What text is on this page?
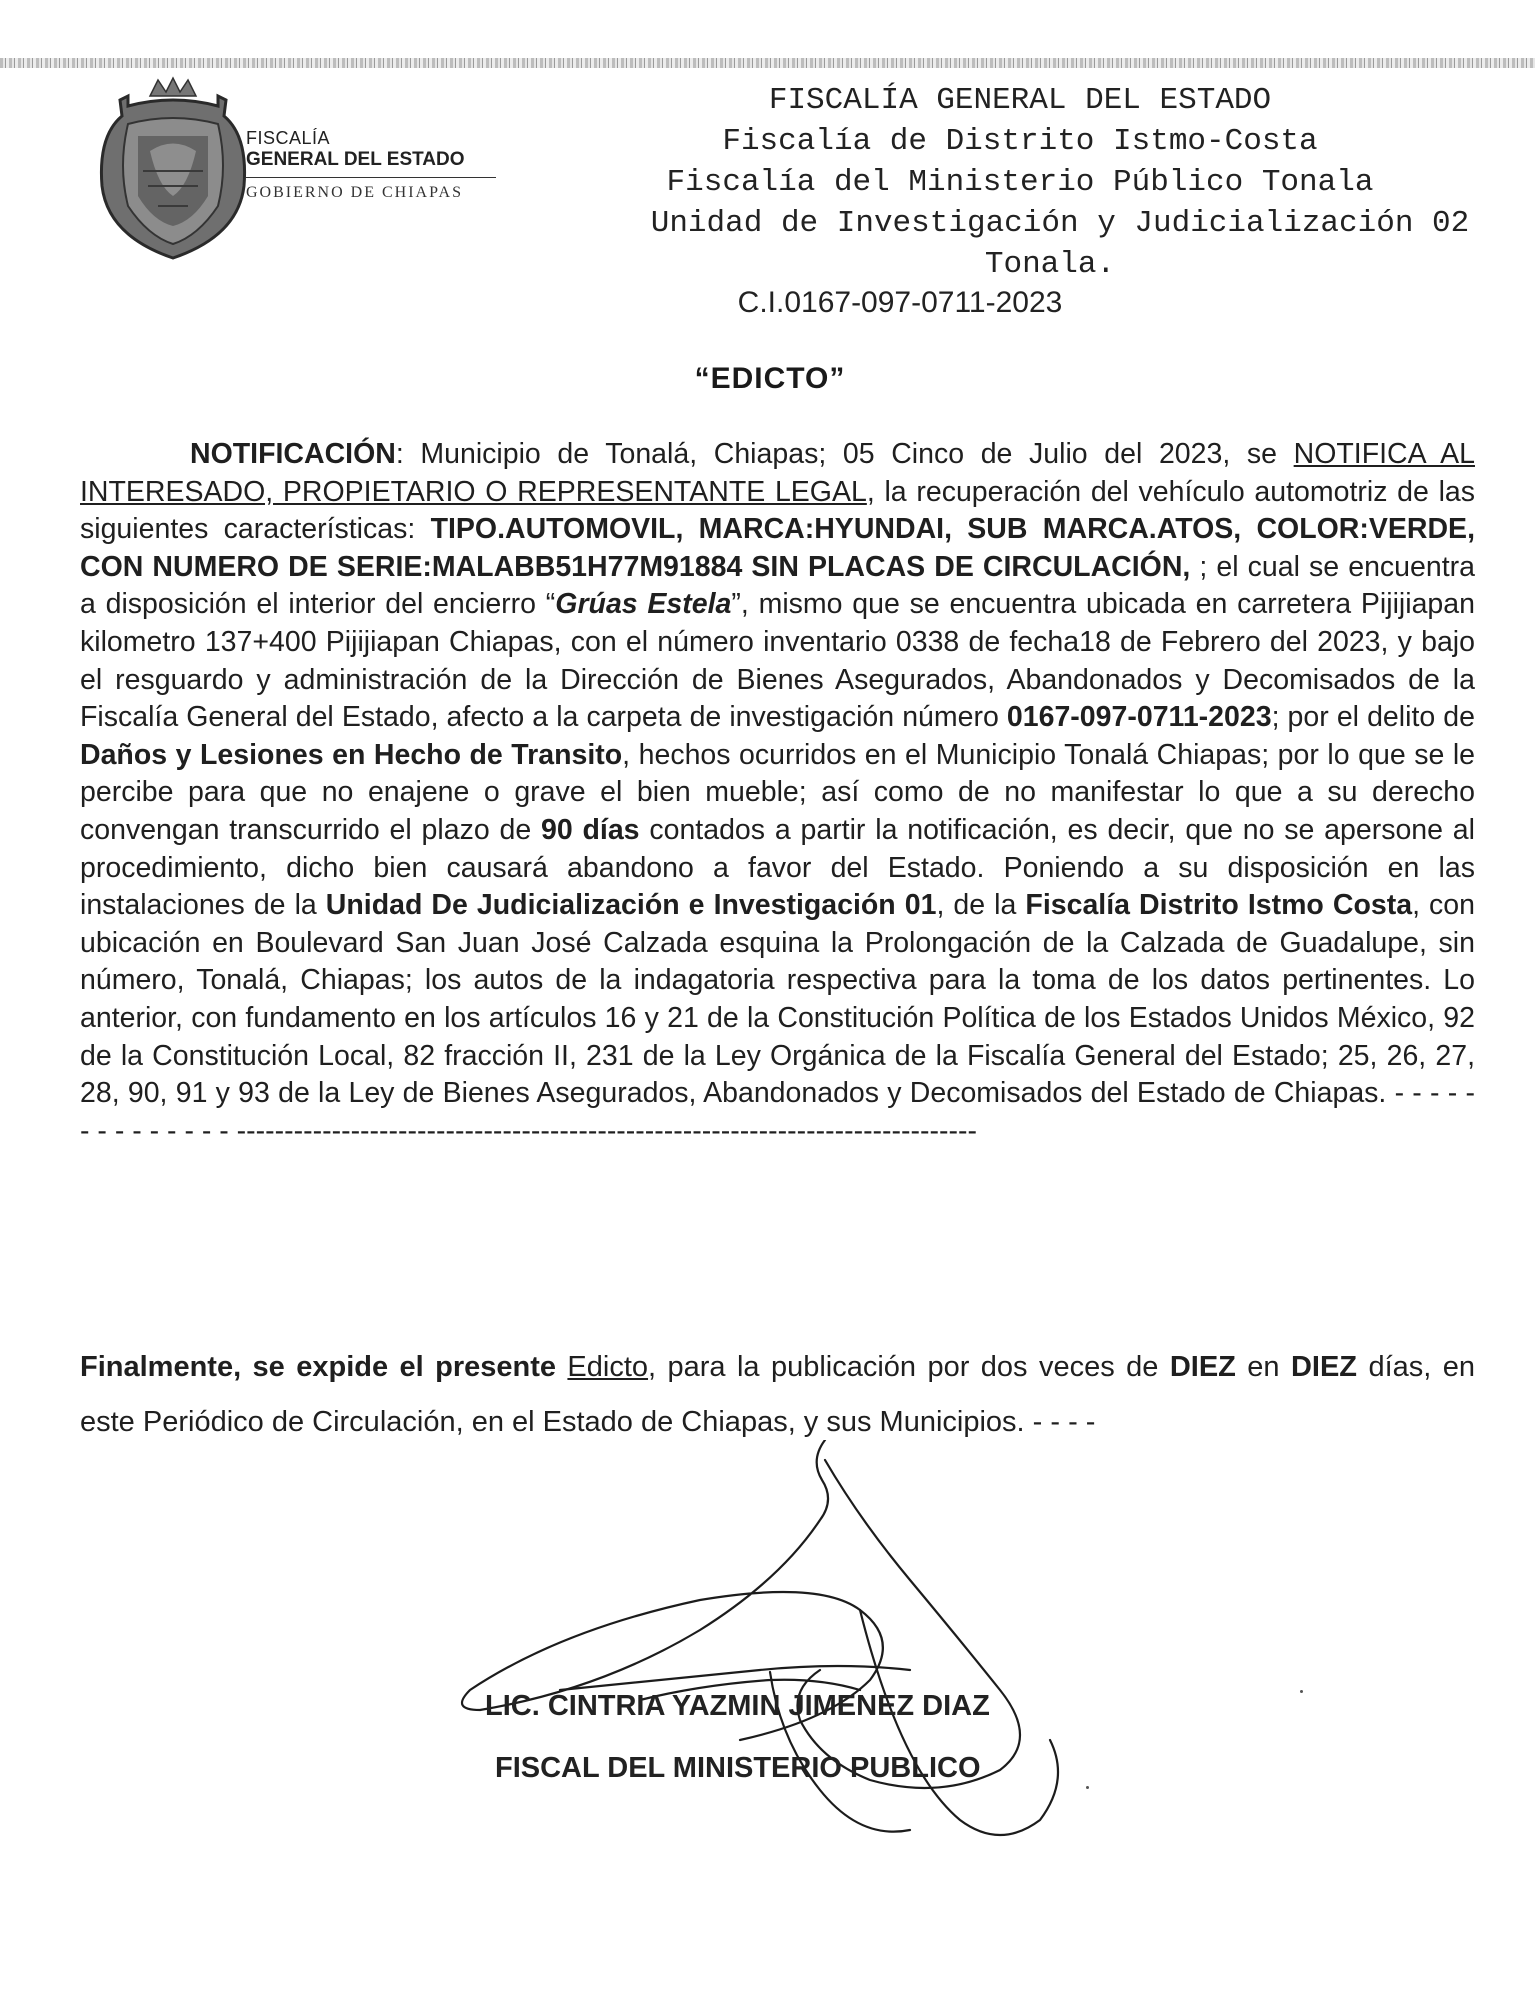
FISCALÍA
GENERAL DEL ESTADO
GOBIERNO DE CHIAPAS
FISCALÍA GENERAL DEL ESTADO
Fiscalía de Distrito Istmo-Costa
Fiscalía del Ministerio Público Tonala
Unidad de Investigación y Judicialización 02
Tonala.
C.I.0167-097-0711-2023
“EDICTO”

NOTIFICACIÓN: Municipio de Tonalá, Chiapas; 05 Cinco de Julio del 2023, se NOTIFICA AL INTERESADO, PROPIETARIO O REPRESENTANTE LEGAL, la recuperación del vehículo automotriz de las siguientes características: TIPO.AUTOMOVIL, MARCA:HYUNDAI, SUB MARCA.ATOS, COLOR:VERDE, CON NUMERO DE SERIE:MALABB51H77M91884 SIN PLACAS DE CIRCULACIÓN, ; el cual se encuentra a disposición el interior del encierro “Grúas Estela”, mismo que se encuentra ubicada en carretera Pijijiapan kilometro 137+400 Pijijiapan Chiapas, con el número inventario 0338 de fecha18 de Febrero del 2023, y bajo el resguardo y administración de la Dirección de Bienes Asegurados, Abandonados y Decomisados de la Fiscalía General del Estado, afecto a la carpeta de investigación número 0167-097-0711-2023; por el delito de Daños y Lesiones en Hecho de Transito, hechos ocurridos en el Municipio Tonalá Chiapas; por lo que se le percibe para que no enajene o grave el bien mueble; así como de no manifestar lo que a su derecho convengan transcurrido el plazo de 90 días contados a partir la notificación, es decir, que no se apersone al procedimiento, dicho bien causará abandono a favor del Estado. Poniendo a su disposición en las instalaciones de la Unidad De Judicialización e Investigación 01, de la Fiscalía Distrito Istmo Costa, con ubicación en Boulevard San Juan José Calzada esquina la Prolongación de la Calzada de Guadalupe, sin número, Tonalá, Chiapas; los autos de la indagatoria respectiva para la toma de los datos pertinentes. Lo anterior, con fundamento en los artículos 16 y 21 de la Constitución Política de los Estados Unidos México, 92 de la Constitución Local, 82 fracción II, 231 de la Ley Orgánica de la Fiscalía General del Estado; 25, 26, 27, 28, 90, 91 y 93 de la Ley de Bienes Asegurados, Abandonados y Decomisados del Estado de Chiapas. - - - - - - - - - - - - - - ------------------------------------------------------------------------------

Finalmente, se expide el presente Edicto, para la publicación por dos veces de DIEZ en DIEZ días, en este Periódico de Circulación, en el Estado de Chiapas, y sus Municipios. - - - -
LIC. CINTRIA YAZMIN JIMENEZ DIAZ
FISCAL DEL MINISTERIO PUBLICO
